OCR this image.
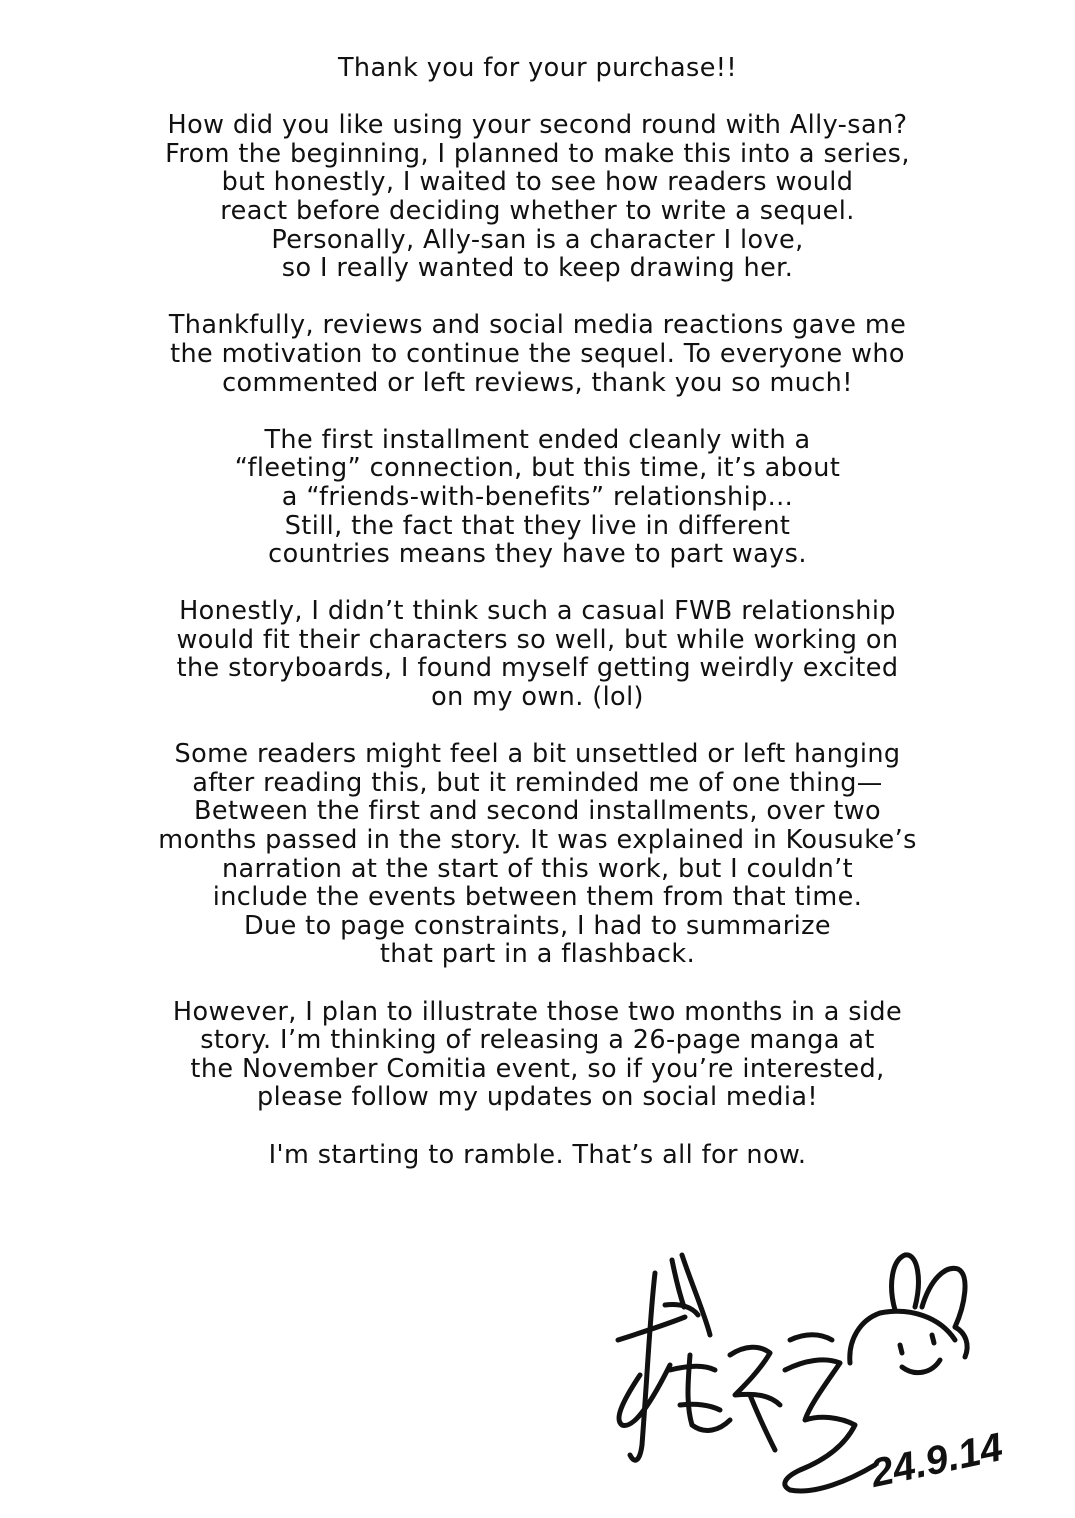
Thank you for your purchase!!

How did you like using your second round with Ally-san?
From the beginning, I planned to make this into a series,
but honestly, I waited to see how readers would
react before deciding whether to write a sequel.
Personally, Ally-san is a character I love,
so I really wanted to keep drawing her.

Thankfully, reviews and social media reactions gave me
the motivation to continue the sequel. To everyone who
commented or left reviews, thank you so much!

The first installment ended cleanly with a
“fleeting” connection, but this time, it’s about
a “friends-with-benefits” relationship...
Still, the fact that they live in different
countries means they have to part ways.

Honestly, I didn’t think such a casual FWB relationship
would fit their characters so well, but while working on
the storyboards, I found myself getting weirdly excited
on my own. (lol)

Some readers might feel a bit unsettled or left hanging
after reading this, but it reminded me of one thing—
Between the first and second installments, over two
months passed in the story. It was explained in Kousuke’s
narration at the start of this work, but I couldn’t
include the events between them from that time.
Due to page constraints, I had to summarize
that part in a flashback.

However, I plan to illustrate those two months in a side
story. I’m thinking of releasing a 26-page manga at
the November Comitia event, so if you’re interested,
please follow my updates on social media!

I'm starting to ramble. That’s all for now.

24.9.14
